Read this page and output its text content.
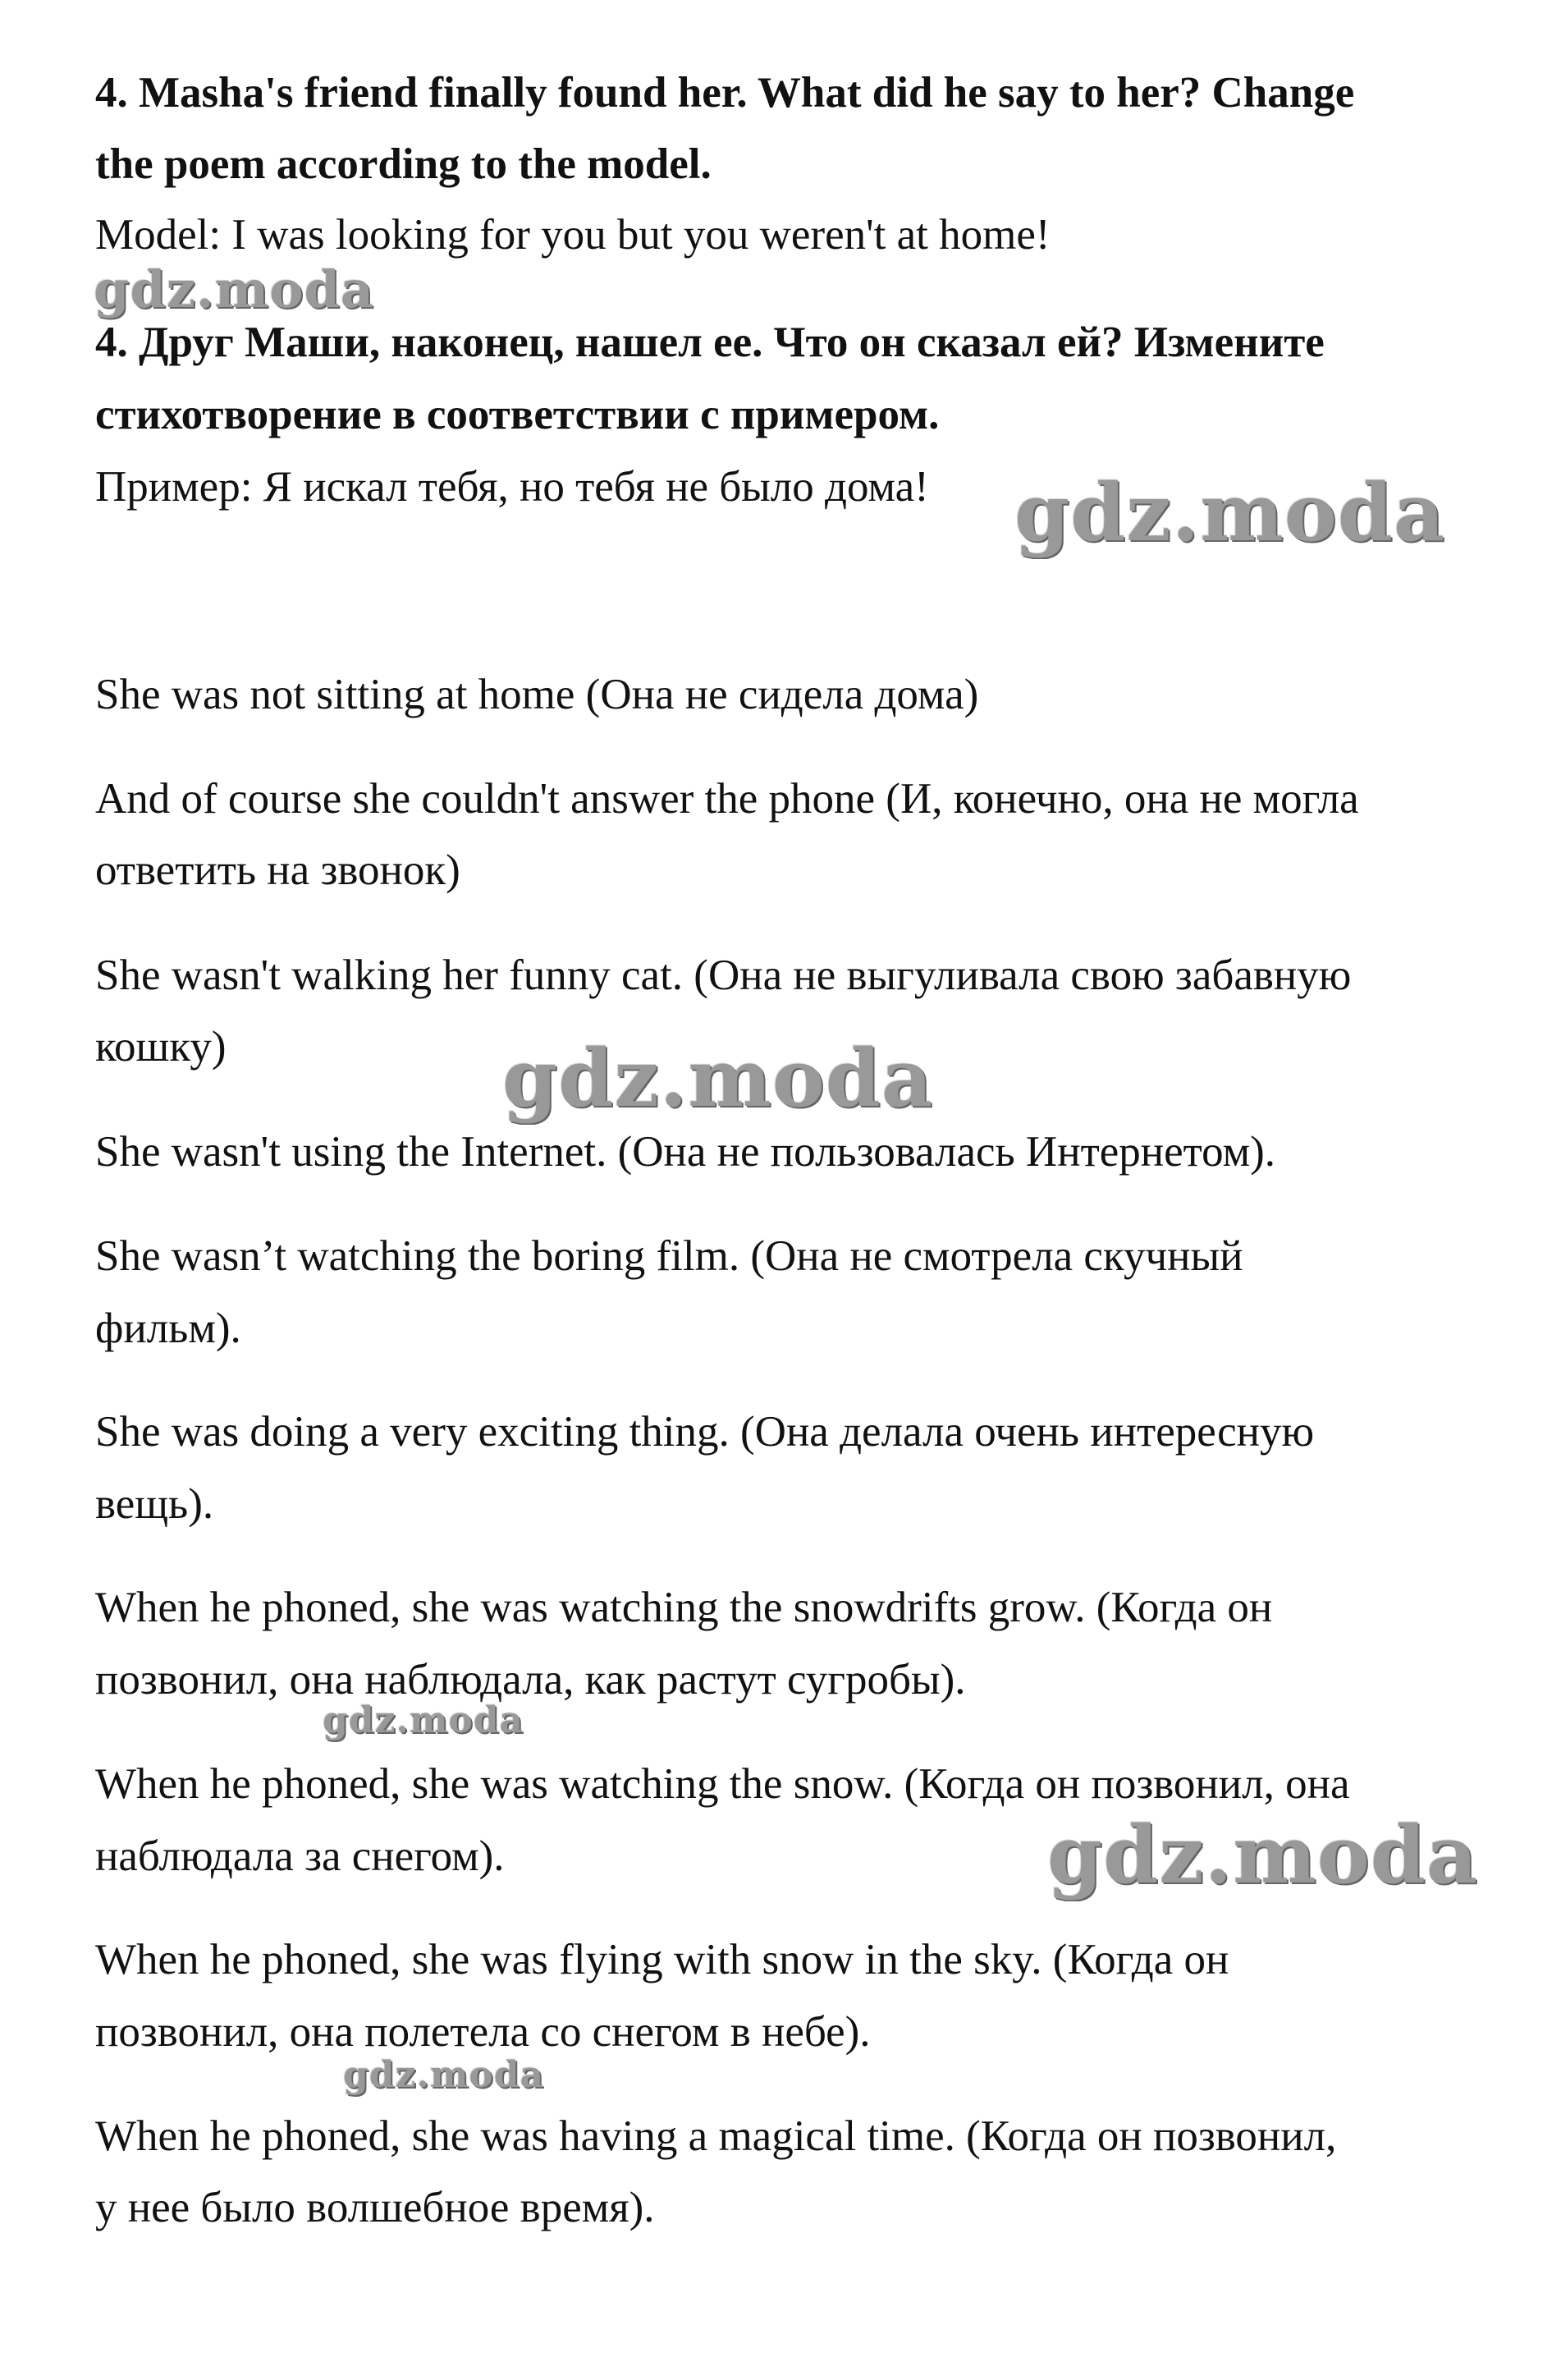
4. Masha's friend finally found her. What did he say to her? Change

the poem according to the model.

Model: I was looking for you but you weren't at home!

4. Друг Маши, наконец, нашел ее. Что он сказал ей? Измените

стихотворение в соответствии с примером.

Пример: Я искал тебя, но тебя не было дома!

She was not sitting at home (Она не сидела дома)

And of course she couldn't answer the phone (И, конечно, она не могла

ответить на звонок)

She wasn't walking her funny cat. (Она не выгуливала свою забавную

кошку)

She wasn't using the Internet. (Она не пользовалась Интернетом).

She wasn’t watching the boring film. (Она не смотрела скучный

фильм).

She was doing a very exciting thing. (Она делала очень интересную

вещь).

When he phoned, she was watching the snowdrifts grow. (Когда он

позвонил, она наблюдала, как растут сугробы).

When he phoned, she was watching the snow. (Когда он позвонил, она

наблюдала за снегом).

When he phoned, she was flying with snow in the sky. (Когда он

позвонил, она полетела со снегом в небе).

When he phoned, she was having a magical time. (Когда он позвонил,

у нее было волшебное время).

gdz.moda
gdz.moda
gdz.moda
gdz.moda
gdz.moda
gdz.moda
